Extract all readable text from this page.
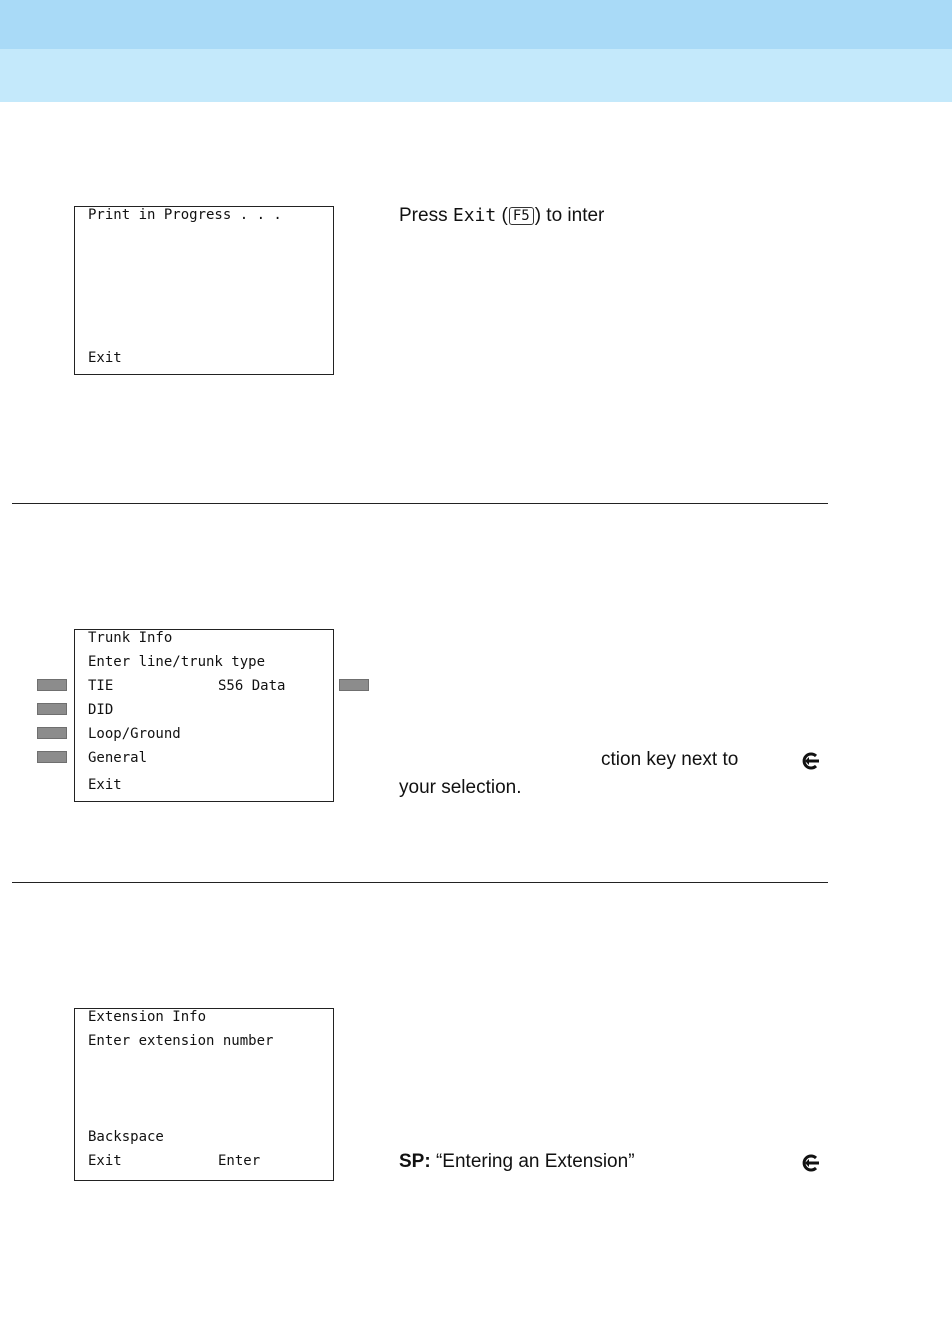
Print in Progress . . .
Exit
Press Exit ( F5 ) to inter
Trunk Info
Enter line/trunk type
TIE	S56 Data
DID
Loop/Ground
General
Exit
ction key next to
your selection.
Extension Info
Enter extension number
Backspace
Exit	Enter	SP: “Entering an Extension”
